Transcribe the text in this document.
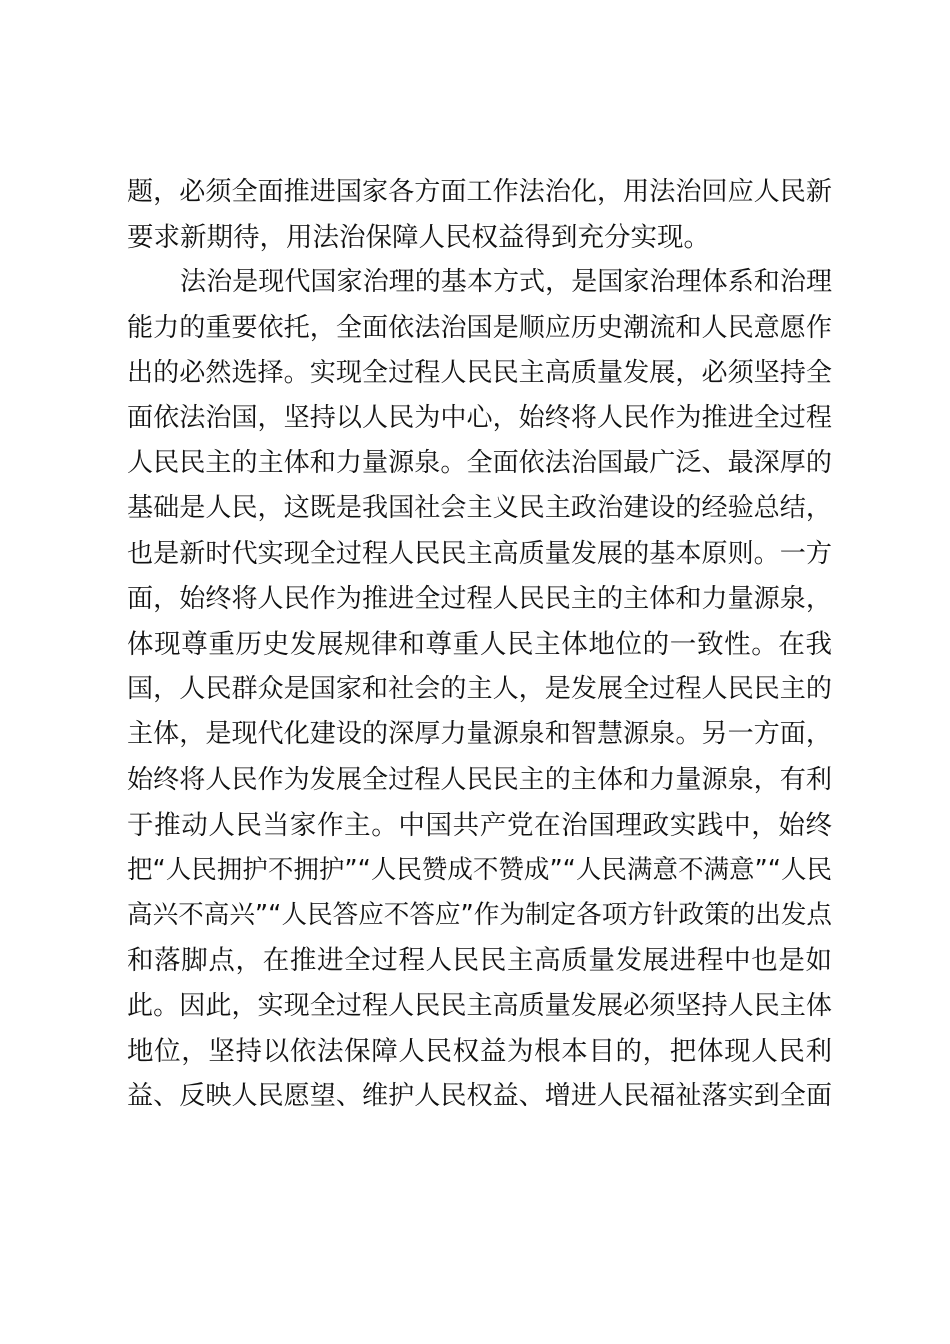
题，必须全面推进国家各方面工作法治化，用法治回应人民新
要求新期待，用法治保障人民权益得到充分实现。
法治是现代国家治理的基本方式，是国家治理体系和治理
能力的重要依托，全面依法治国是顺应历史潮流和人民意愿作
出的必然选择。实现全过程人民民主高质量发展，必须坚持全
面依法治国，坚持以人民为中心，始终将人民作为推进全过程
人民民主的主体和力量源泉。全面依法治国最广泛、最深厚的
基础是人民，这既是我国社会主义民主政治建设的经验总结，
也是新时代实现全过程人民民主高质量发展的基本原则。一方
面，始终将人民作为推进全过程人民民主的主体和力量源泉，
体现尊重历史发展规律和尊重人民主体地位的一致性。在我
国，人民群众是国家和社会的主人，是发展全过程人民民主的
主体，是现代化建设的深厚力量源泉和智慧源泉。另一方面，
始终将人民作为发展全过程人民民主的主体和力量源泉，有利
于推动人民当家作主。中国共产党在治国理政实践中，始终
把“人民拥护不拥护”“人民赞成不赞成”“人民满意不满意”“人民
高兴不高兴”“人民答应不答应”作为制定各项方针政策的出发点
和落脚点，在推进全过程人民民主高质量发展进程中也是如
此。因此，实现全过程人民民主高质量发展必须坚持人民主体
地位，坚持以依法保障人民权益为根本目的，把体现人民利
益、反映人民愿望、维护人民权益、增进人民福祉落实到全面
